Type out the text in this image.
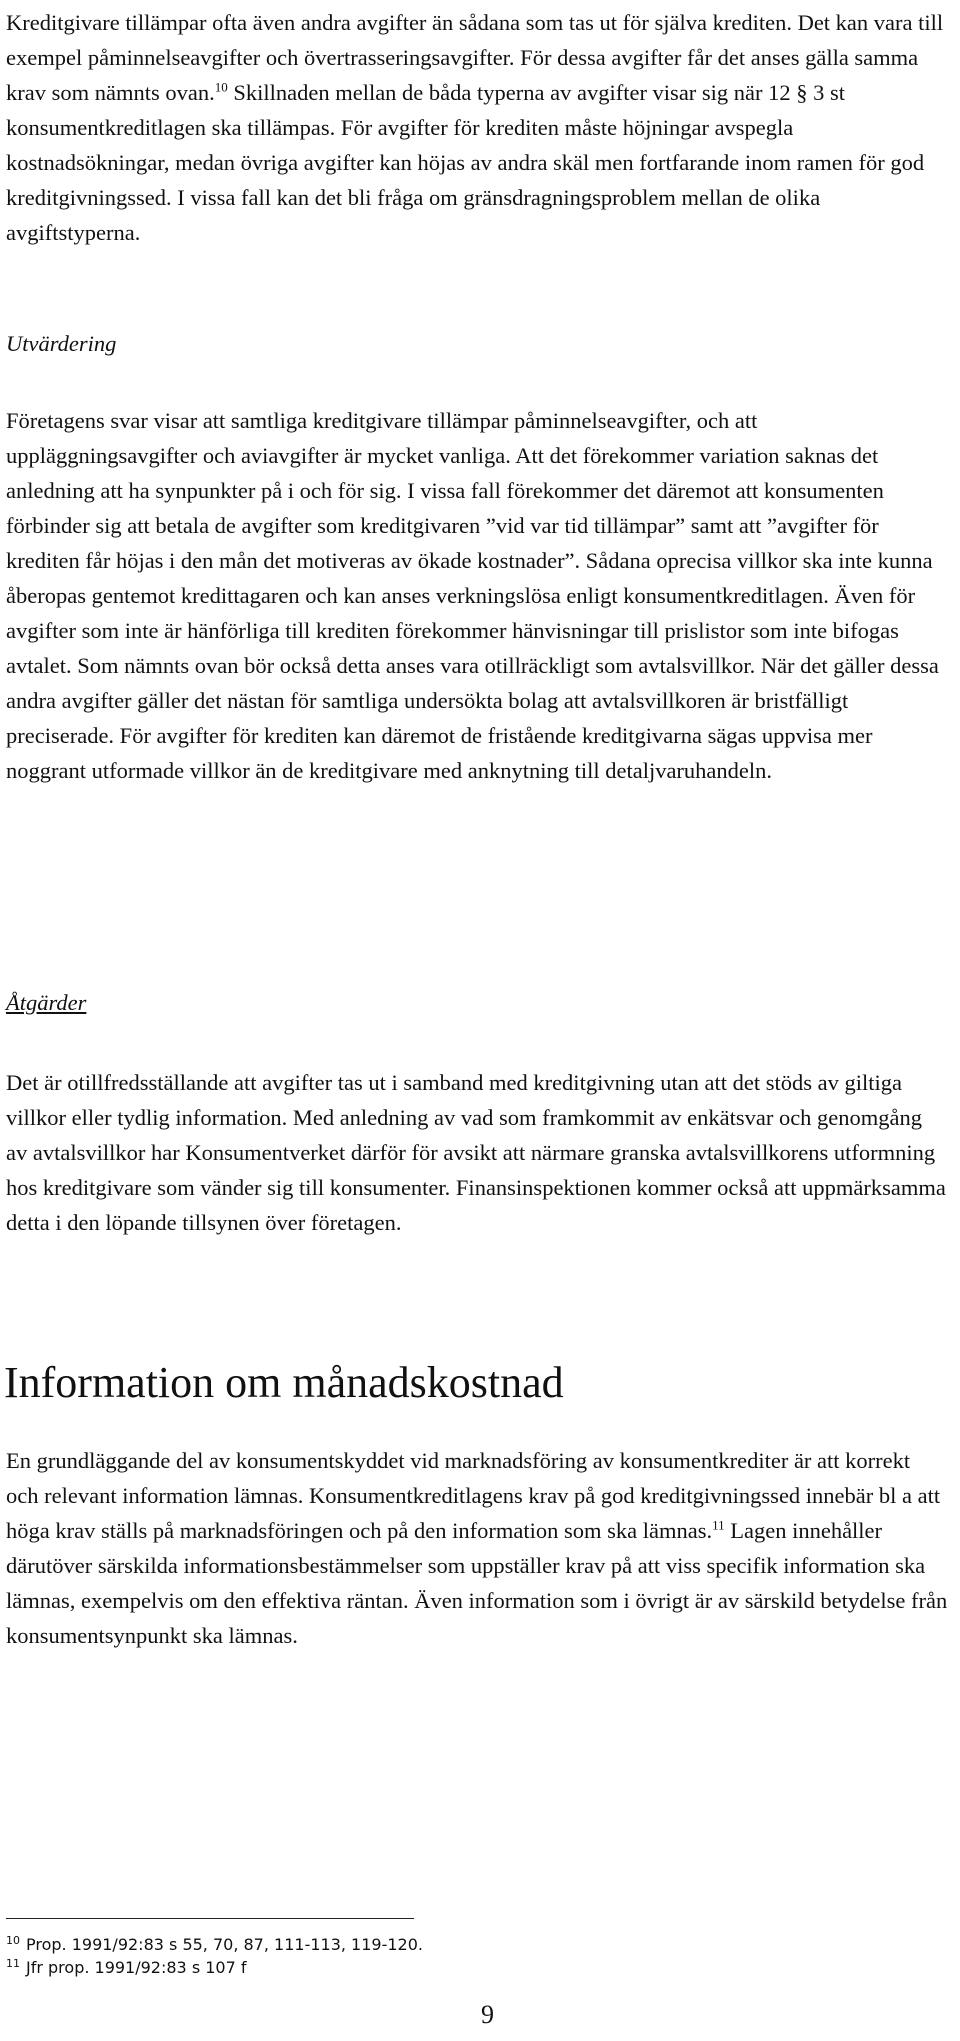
Kreditgivare tillämpar ofta även andra avgifter än sådana som tas ut för själva krediten. Det kan vara till exempel påminnelseavgifter och övertrasseringsavgifter. För dessa avgifter får det anses gälla samma krav som nämnts ovan.$^{10}$ Skillnaden mellan de båda typerna av avgifter visar sig när 12 § 3 st konsumentkreditlagen ska tillämpas. För avgifter för krediten måste höjningar avspegla kostnadsökningar, medan övriga avgifter kan höjas av andra skäl men fortfarande inom ramen för god kreditgivningssed. I vissa fall kan det bli fråga om gränsdragningsproblem mellan de olika avgiftstyperna.

Utvärdering

Företagens svar visar att samtliga kreditgivare tillämpar påminnelseavgifter, och att uppläggningsavgifter och aviavgifter är mycket vanliga. Att det förekommer variation saknas det anledning att ha synpunkter på i och för sig. I vissa fall förekommer det däremot att konsumenten förbinder sig att betala de avgifter som kreditgivaren ”vid var tid tillämpar” samt att ”avgifter för krediten får höjas i den mån det motiveras av ökade kostnader”. Sådana oprecisa villkor ska inte kunna åberopas gentemot kredittagaren och kan anses verkningslösa enligt konsumentkreditlagen. Även för avgifter som inte är hänförliga till krediten förekommer hänvisningar till prislistor som inte bifogas avtalet. Som nämnts ovan bör också detta anses vara otillräckligt som avtalsvillkor. När det gäller dessa andra avgifter gäller det nästan för samtliga undersökta bolag att avtalsvillkoren är bristfälligt preciserade. För avgifter för krediten kan däremot de fristående kreditgivarna sägas uppvisa mer noggrant utformade villkor än de kreditgivare med anknytning till detaljvaruhandeln.

Åtgärder

Det är otillfredsställande att avgifter tas ut i samband med kreditgivning utan att det stöds av giltiga villkor eller tydlig information. Med anledning av vad som framkommit av enkätsvar och genomgång av avtalsvillkor har Konsumentverket därför för avsikt att närmare granska avtalsvillkorens utformning hos kreditgivare som vänder sig till konsumenter. Finansinspektionen kommer också att uppmärksamma detta i den löpande tillsynen över företagen.

Information om månadskostnad

En grundläggande del av konsumentskyddet vid marknadsföring av konsumentkrediter är att korrekt och relevant information lämnas. Konsumentkreditlagens krav på god kreditgivningssed innebär bl a att höga krav ställs på marknadsföringen och på den information som ska lämnas.$^{11}$ Lagen innehåller därutöver särskilda informationsbestämmelser som uppställer krav på att viss specifik information ska lämnas, exempelvis om den effektiva räntan. Även information som i övrigt är av särskild betydelse från konsumentsynpunkt ska lämnas.

$^{10}$ Prop. 1991/92:83 s 55, 70, 87, 111-113, 119-120.

$^{11}$ Jfr prop. 1991/92:83 s 107 f

9
